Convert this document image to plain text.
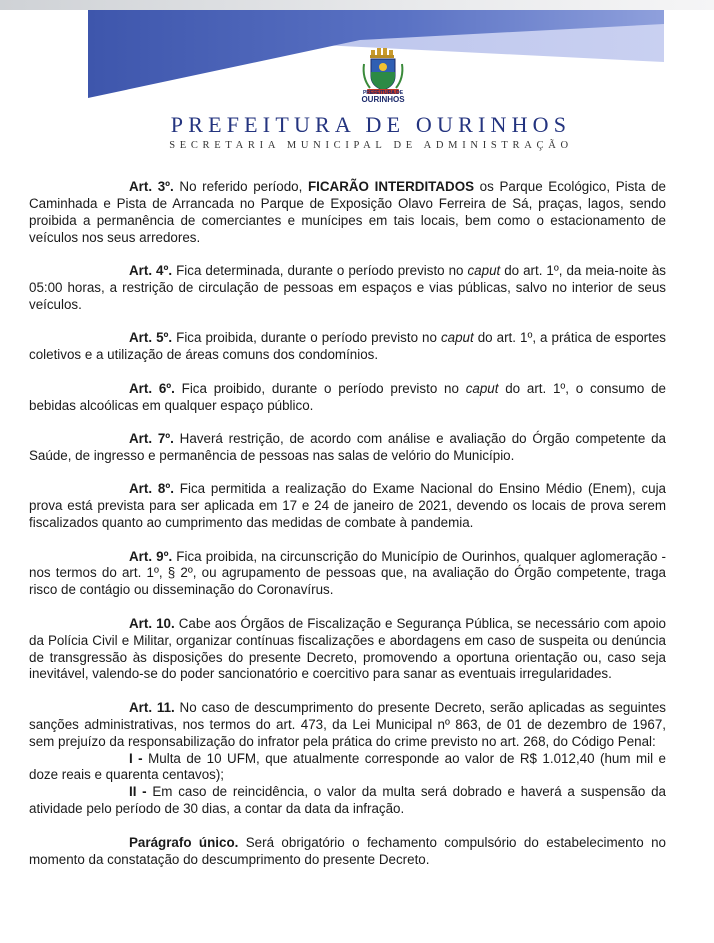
PREFEITURA DE
OURINHOS
PREFEITURA DE OURINHOS
SECRETARIA MUNICIPAL DE ADMINISTRAÇÃO

Art. 3º. No referido período, FICARÃO INTERDITADOS os Parque Ecológico, Pista de Caminhada e Pista de Arrancada no Parque de Exposição Olavo Ferreira de Sá, praças, lagos, sendo proibida a permanência de comerciantes e munícipes em tais locais, bem como o estacionamento de veículos nos seus arredores.

Art. 4º. Fica determinada, durante o período previsto no caput do art. 1º, da meia-noite às 05:00 horas, a restrição de circulação de pessoas em espaços e vias públicas, salvo no interior de seus veículos.

Art. 5º. Fica proibida, durante o período previsto no caput do art. 1º, a prática de esportes coletivos e a utilização de áreas comuns dos condomínios.

Art. 6º. Fica proibido, durante o período previsto no caput do art. 1º, o consumo de bebidas alcoólicas em qualquer espaço público.

Art. 7º. Haverá restrição, de acordo com análise e avaliação do Órgão competente da Saúde, de ingresso e permanência de pessoas nas salas de velório do Município.

Art. 8º. Fica permitida a realização do Exame Nacional do Ensino Médio (Enem), cuja prova está prevista para ser aplicada em 17 e 24 de janeiro de 2021, devendo os locais de prova serem fiscalizados quanto ao cumprimento das medidas de combate à pandemia.

Art. 9º. Fica proibida, na circunscrição do Município de Ourinhos, qualquer aglomeração - nos termos do art. 1º, § 2º, ou agrupamento de pessoas que, na avaliação do Órgão competente, traga risco de contágio ou disseminação do Coronavírus.

Art. 10. Cabe aos Órgãos de Fiscalização e Segurança Pública, se necessário com apoio da Polícia Civil e Militar, organizar contínuas fiscalizações e abordagens em caso de suspeita ou denúncia de transgressão às disposições do presente Decreto, promovendo a oportuna orientação ou, caso seja inevitável, valendo-se do poder sancionatório e coercitivo para sanar as eventuais irregularidades.

Art. 11. No caso de descumprimento do presente Decreto, serão aplicadas as seguintes sanções administrativas, nos termos do art. 473, da Lei Municipal nº 863, de 01 de dezembro de 1967, sem prejuízo da responsabilização do infrator pela prática do crime previsto no art. 268, do Código Penal:

I - Multa de 10 UFM, que atualmente corresponde ao valor de R$ 1.012,40 (hum mil e doze reais e quarenta centavos);

II - Em caso de reincidência, o valor da multa será dobrado e haverá a suspensão da atividade pelo período de 30 dias, a contar da data da infração.

Parágrafo único. Será obrigatório o fechamento compulsório do estabelecimento no momento da constatação do descumprimento do presente Decreto.
